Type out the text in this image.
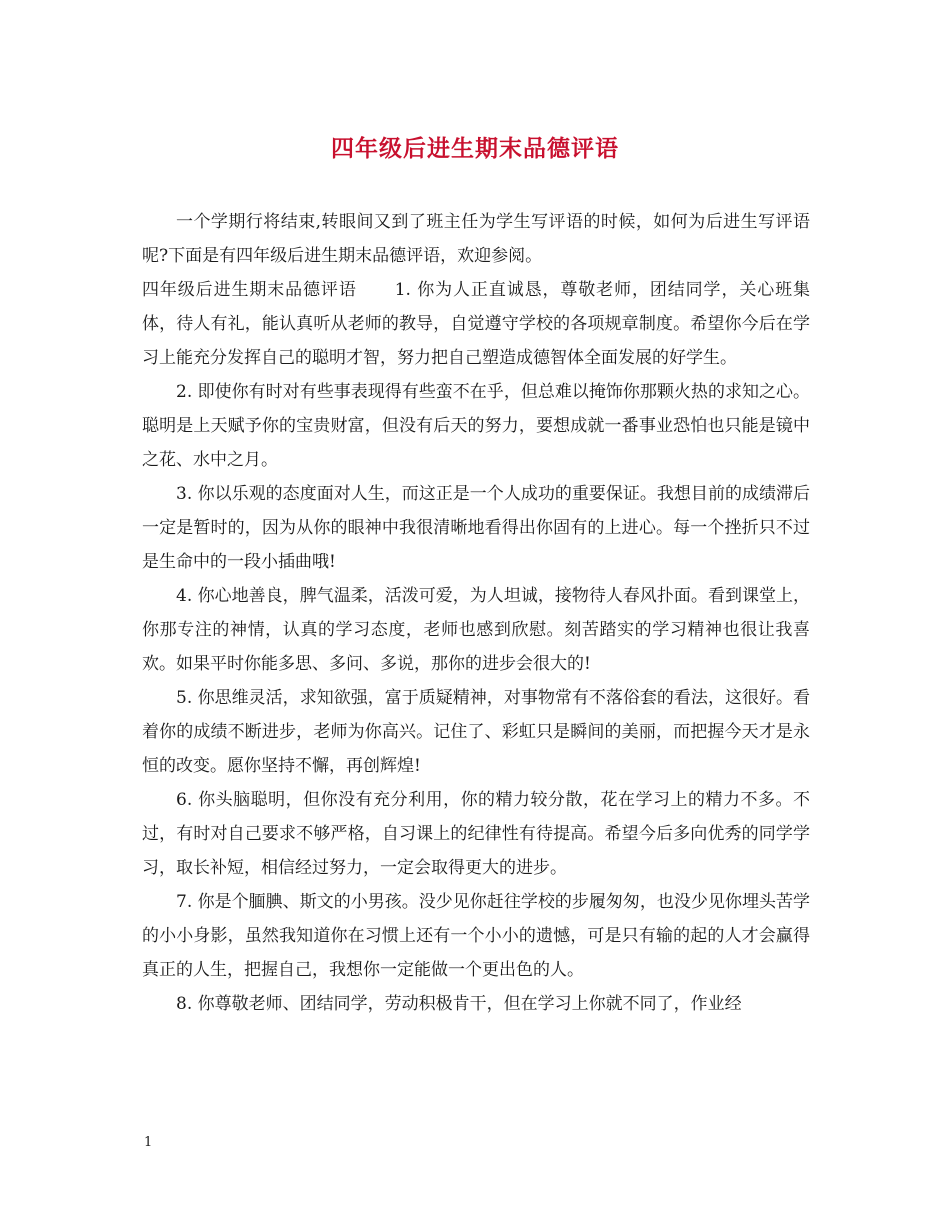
四年级后进生期末品德评语

一个学期行将结束,转眼间又到了班主任为学生写评语的时候，如何为后进生写评语呢?下面是有四年级后进生期末品德评语，欢迎参阅。

四年级后进生期末品德评语 1. 你为人正直诚恳，尊敬老师，团结同学，关心班集体，待人有礼，能认真听从老师的教导，自觉遵守学校的各项规章制度。希望你今后在学习上能充分发挥自己的聪明才智，努力把自己塑造成德智体全面发展的好学生。

2. 即使你有时对有些事表现得有些蛮不在乎，但总难以掩饰你那颗火热的求知之心。聪明是上天赋予你的宝贵财富，但没有后天的努力，要想成就一番事业恐怕也只能是镜中之花、水中之月。

3. 你以乐观的态度面对人生，而这正是一个人成功的重要保证。我想目前的成绩滞后一定是暂时的，因为从你的眼神中我很清晰地看得出你固有的上进心。每一个挫折只不过是生命中的一段小插曲哦!

4. 你心地善良，脾气温柔，活泼可爱，为人坦诚，接物待人春风扑面。看到课堂上，你那专注的神情，认真的学习态度，老师也感到欣慰。刻苦踏实的学习精神也很让我喜欢。如果平时你能多思、多问、多说，那你的进步会很大的!

5. 你思维灵活，求知欲强，富于质疑精神，对事物常有不落俗套的看法，这很好。看着你的成绩不断进步，老师为你高兴。记住了、彩虹只是瞬间的美丽，而把握今天才是永恒的改变。愿你坚持不懈，再创辉煌!

6. 你头脑聪明，但你没有充分利用，你的精力较分散，花在学习上的精力不多。不过，有时对自己要求不够严格，自习课上的纪律性有待提高。希望今后多向优秀的同学学习，取长补短，相信经过努力，一定会取得更大的进步。

7. 你是个腼腆、斯文的小男孩。没少见你赶往学校的步履匆匆，也没少见你埋头苦学的小小身影，虽然我知道你在习惯上还有一个小小的遗憾，可是只有输的起的人才会赢得真正的人生，把握自己，我想你一定能做一个更出色的人。

8. 你尊敬老师、团结同学，劳动积极肯干，但在学习上你就不同了，作业经

1
